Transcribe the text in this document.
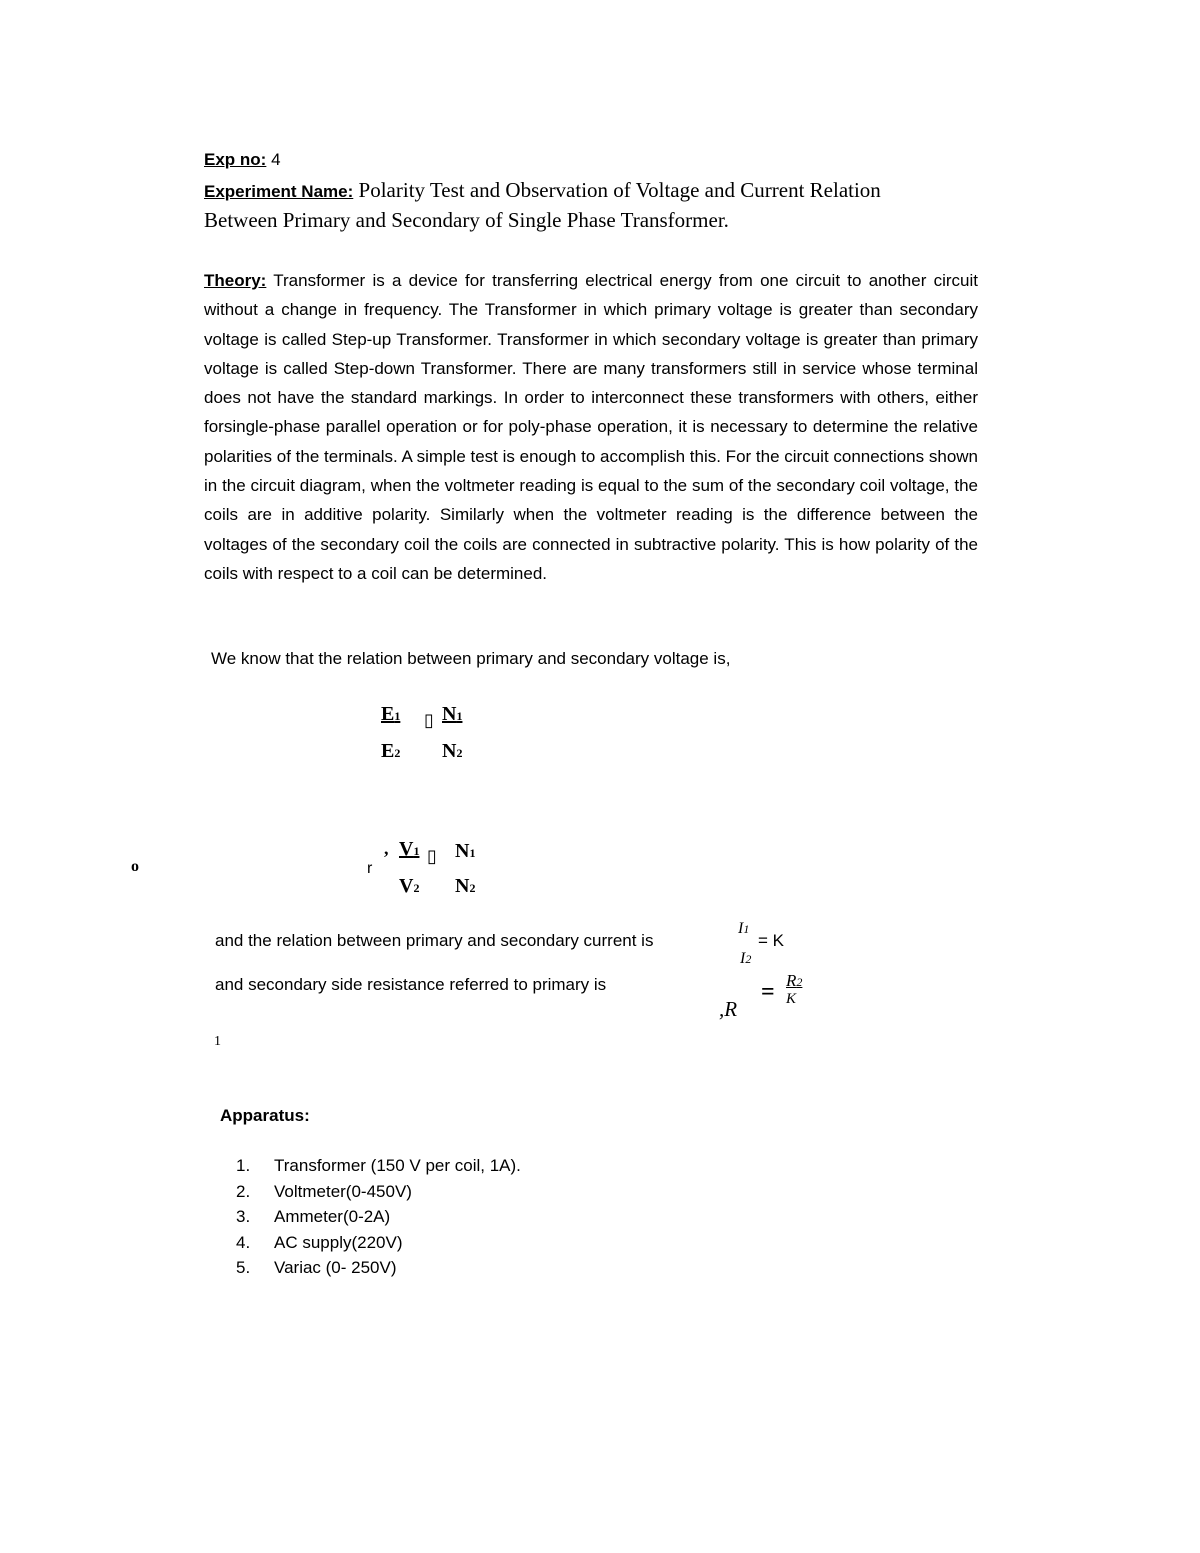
Exp no: 4
Experiment Name: Polarity Test and Observation of Voltage and Current Relation
Between Primary and Secondary of Single Phase Transformer.

Theory: Transformer is a device for transferring electrical energy from one circuit to another circuit without a change in frequency. The Transformer in which primary voltage is greater than secondary voltage is called Step-up Transformer. Transformer in which secondary voltage is greater than primary voltage is called Step-down Transformer. There are many transformers still in service whose terminal does not have the standard markings. In order to interconnect these transformers with others, either forsingle-phase parallel operation or for poly-phase operation, it is necessary to determine the relative polarities of the terminals. A simple test is enough to accomplish this. For the circuit connections shown in the circuit diagram, when the voltmeter reading is equal to the sum of the secondary coil voltage, the coils are in additive polarity. Similarly when the voltmeter reading is the difference between the voltages of the secondary coil the coils are connected in subtractive polarity. This is how polarity of the coils with respect to a coil can be determined.

We know that the relation between primary and secondary voltage is,
E1 ▯ N1
E2 N2
o	r
, V1 ▯ N1
V2 N2
and the relation between primary and secondary current is
I1
= K
I2
and secondary side resistance referred to primary is
,R
= R2
K
1
Apparatus:
1. Transformer (150 V per coil, 1A).
2. Voltmeter(0-450V)
3. Ammeter(0-2A)
4. AC supply(220V)
5. Variac (0- 250V)
